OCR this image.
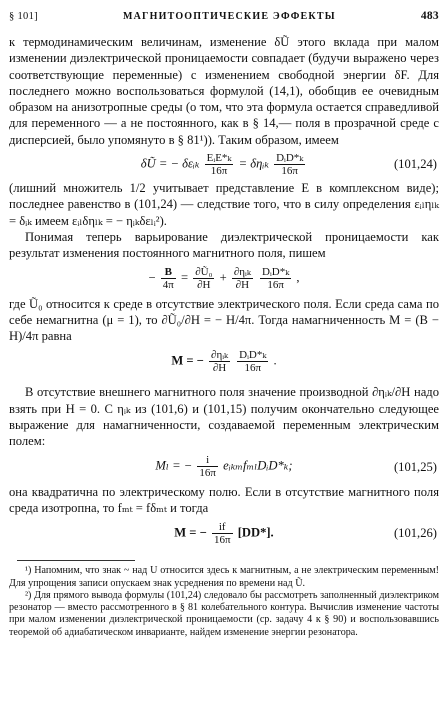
§ 101]	МАГНИТООПТИЧЕСКИЕ ЭФФЕКТЫ	483

к термодинамическим величинам, изменение δŨ этого вклада при малом изменении диэлектрической проницаемости совпадает (будучи выражено через соответствующие переменные) с изменением свободной энергии δF. Для последнего можно воспользоваться формулой (14,1), обобщив ее очевидным образом на анизотропные среды (о том, что эта формула остается справедливой для переменного — а не постоянного, как в § 14,— поля в прозрачной среде с дисперсией, было упомянуто в § 81¹)). Таким образом, имеем

δŨ = − δεᵢₖ $\frac{\text{EᵢE*ₖ}}{16\pi}$ = δηᵢₖ $\frac{\text{DᵢD*ₖ}}{16\pi}$	(101,24)

(лишний множитель 1/2 учитывает представление E в комплексном виде); последнее равенство в (101,24) — следствие того, что в силу определения εᵢₗηₗₖ = δᵢₖ имеем εᵢₗδηₗₖ = − ηᵢₖδεₗᵢ²).

Понимая теперь варьирование диэлектрической проницаемости как результат изменения постоянного магнитного поля, пишем

− $\frac{B}{4\pi} = \frac{\text{∂Ũ₀}}{\partial H} + \frac{\text{∂ηᵢₖ}}{\partial H}$
$\frac{\text{DᵢD*ₖ}}{16\pi}$ ,

где Ũ₀ относится к среде в отсутствие электрического поля. Если среда сама по себе немагнитна (μ = 1), то ∂Ũ₀/∂H = − H/4π. Тогда намагниченность M = (B − H)/4π равна

M = − $\frac{\text{∂ηᵢₖ}}{\partial H}$
$\frac{\text{DᵢD*ₖ}}{16\pi}$ .

В отсутствие внешнего магнитного поля значение производной ∂ηᵢₖ/∂H надо взять при H = 0. С ηᵢₖ из (101,6) и (101,15) получим окончательно следующее выражение для намагниченности, создаваемой переменным электрическим полем:

Mₗ = − $\frac{i}{16\pi}$ eᵢₖₘfₘₗDᵢD*ₖ;	(101,25)

она квадратична по электрическому полю. Если в отсутствие магнитного поля среда изотропна, то fₘₜ = fδₘₜ и тогда

M = − $\frac{if}{16\pi} [DD*]$.	(101,26)

¹) Напомним, что знак ~ над U относится здесь к магнитным, а не электрическим переменным! Для упрощения записи опускаем знак усреднения по времени над Ũ.

²) Для прямого вывода формулы (101,24) следовало бы рассмотреть заполненный диэлектриком резонатор — вместо рассмотренного в § 81 колебательного контура. Вычислив изменение частоты при малом изменении диэлектрической проницаемости (ср. задачу 4 к § 90) и воспользовавшись теоремой об адиабатическом инварианте, найдем изменение энергии резонатора.
